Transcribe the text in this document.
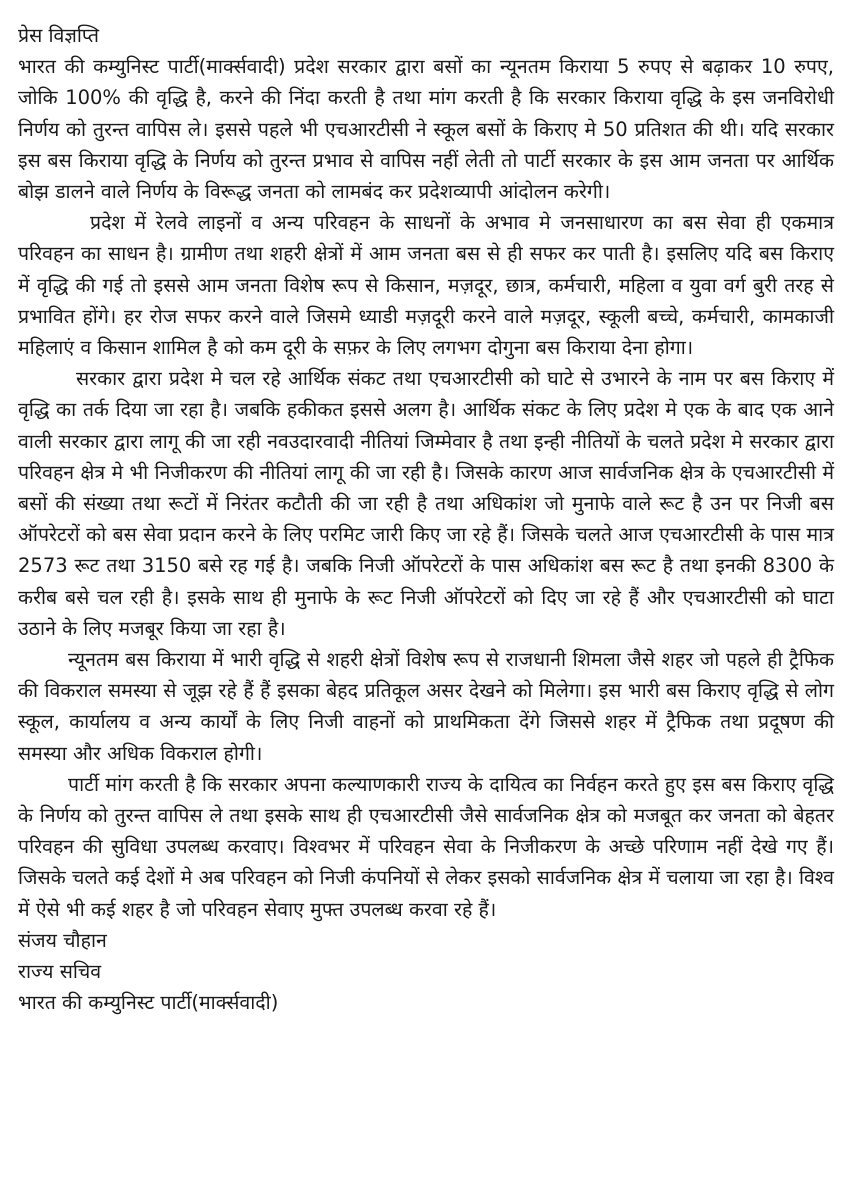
प्रेस विज्ञप्ति

भारत की कम्युनिस्ट पार्टी(मार्क्सवादी) प्रदेश सरकार द्वारा बसों का न्यूनतम किराया 5 रुपए से बढ़ाकर 10 रुपए, जोकि 100% की वृद्धि है, करने की निंदा करती है तथा मांग करती है कि सरकार किराया वृद्धि के इस जनविरोधी निर्णय को तुरन्त वापिस ले। इससे पहले भी एचआरटीसी ने स्कूल बसों के किराए मे 50 प्रतिशत की थी। यदि सरकार इस बस किराया वृद्धि के निर्णय को तुरन्त प्रभाव से वापिस नहीं लेती तो पार्टी सरकार के इस आम जनता पर आर्थिक बोझ डालने वाले निर्णय के विरूद्ध जनता को लामबंद कर प्रदेशव्यापी आंदोलन करेगी।

प्रदेश में रेलवे लाइनों व अन्य परिवहन के साधनों के अभाव मे जनसाधारण का बस सेवा ही एकमात्र परिवहन का साधन है। ग्रामीण तथा शहरी क्षेत्रों में आम जनता बस से ही सफर कर पाती है। इसलिए यदि बस किराए में वृद्धि की गई तो इससे आम जनता विशेष रूप से किसान, मज़दूर, छात्र, कर्मचारी, महिला व युवा वर्ग बुरी तरह से प्रभावित होंगे। हर रोज सफर करने वाले जिसमे ध्याडी मज़दूरी करने वाले मज़दूर, स्कूली बच्चे, कर्मचारी, कामकाजी महिलाएं व किसान शामिल है को कम दूरी के सफ़र के लिए लगभग दोगुना बस किराया देना होगा।

सरकार द्वारा प्रदेश मे चल रहे आर्थिक संकट तथा एचआरटीसी को घाटे से उभारने के नाम पर बस किराए में वृद्धि का तर्क दिया जा रहा है। जबकि हकीकत इससे अलग है। आर्थिक संकट के लिए प्रदेश मे एक के बाद एक आने वाली सरकार द्वारा लागू की जा रही नवउदारवादी नीतियां जिम्मेवार है तथा इन्ही नीतियों के चलते प्रदेश मे सरकार द्वारा परिवहन क्षेत्र मे भी निजीकरण की नीतियां लागू की जा रही है। जिसके कारण आज सार्वजनिक क्षेत्र के एचआरटीसी में बसों की संख्या तथा रूटों में निरंतर कटौती की जा रही है तथा अधिकांश जो मुनाफे वाले रूट है उन पर निजी बस ऑपरेटरों को बस सेवा प्रदान करने के लिए परमिट जारी किए जा रहे हैं। जिसके चलते आज एचआरटीसी के पास मात्र 2573 रूट तथा 3150 बसे रह गई है। जबकि निजी ऑपरेटरों के पास अधिकांश बस रूट है तथा इनकी 8300 के करीब बसे चल रही है। इसके साथ ही मुनाफे के रूट निजी ऑपरेटरों को दिए जा रहे हैं और एचआरटीसी को घाटा उठाने के लिए मजबूर किया जा रहा है।

न्यूनतम बस किराया में भारी वृद्धि से शहरी क्षेत्रों विशेष रूप से राजधानी शिमला जैसे शहर जो पहले ही ट्रैफिक की विकराल समस्या से जूझ रहे हैं हैं इसका बेहद प्रतिकूल असर देखने को मिलेगा। इस भारी बस किराए वृद्धि से लोग स्कूल, कार्यालय व अन्य कार्यों के लिए निजी वाहनों को प्राथमिकता देंगे जिससे शहर में ट्रैफिक तथा प्रदूषण की समस्या और अधिक विकराल होगी।

पार्टी मांग करती है कि सरकार अपना कल्याणकारी राज्य के दायित्व का निर्वहन करते हुए इस बस किराए वृद्धि के निर्णय को तुरन्त वापिस ले तथा इसके साथ ही एचआरटीसी जैसे सार्वजनिक क्षेत्र को मजबूत कर जनता को बेहतर परिवहन की सुविधा उपलब्ध करवाए। विश्वभर में परिवहन सेवा के निजीकरण के अच्छे परिणाम नहीं देखे गए हैं। जिसके चलते कई देशों मे अब परिवहन को निजी कंपनियों से लेकर इसको सार्वजनिक क्षेत्र में चलाया जा रहा है। विश्व में ऐसे भी कई शहर है जो परिवहन सेवाए मुफ्त उपलब्ध करवा रहे हैं।

संजय चौहान

राज्य सचिव

भारत की कम्युनिस्ट पार्टी(मार्क्सवादी)
